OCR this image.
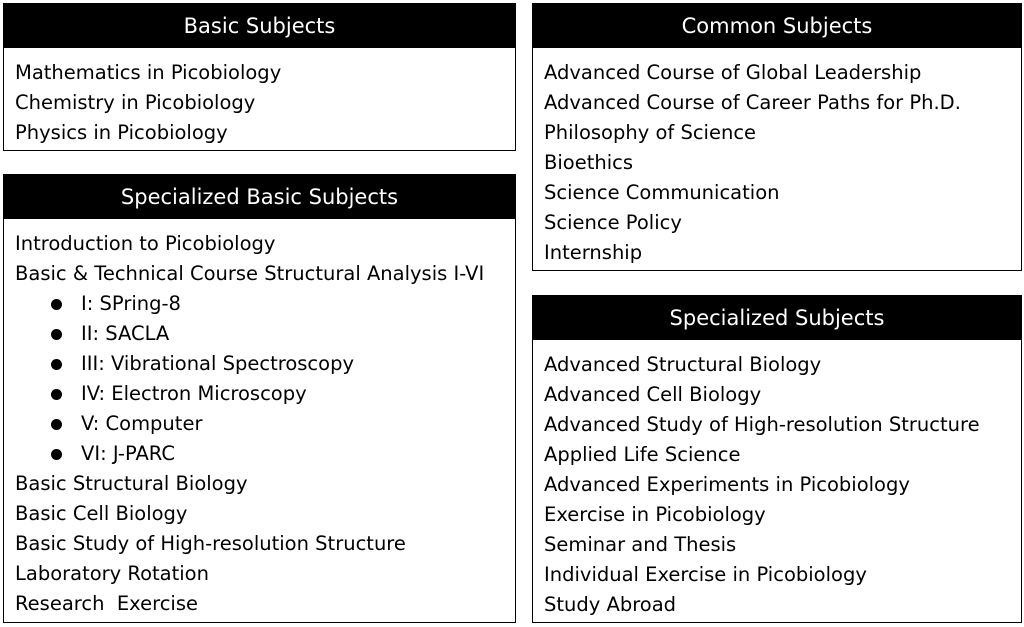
Basic Subjects
Mathematics in Picobiology
Chemistry in Picobiology
Physics in Picobiology
Specialized Basic Subjects
Introduction to Picobiology
Basic & Technical Course Structural Analysis I-VI
I: SPring-8
II: SACLA
III: Vibrational Spectroscopy
IV: Electron Microscopy
V: Computer
VI: J-PARC
Basic Structural Biology
Basic Cell Biology
Basic Study of High-resolution Structure
Laboratory Rotation
Research  Exercise
Common Subjects
Advanced Course of Global Leadership
Advanced Course of Career Paths for Ph.D.
Philosophy of Science
Bioethics
Science Communication
Science Policy
Internship
Specialized Subjects
Advanced Structural Biology
Advanced Cell Biology
Advanced Study of High-resolution Structure
Applied Life Science
Advanced Experiments in Picobiology
Exercise in Picobiology
Seminar and Thesis
Individual Exercise in Picobiology
Study Abroad
